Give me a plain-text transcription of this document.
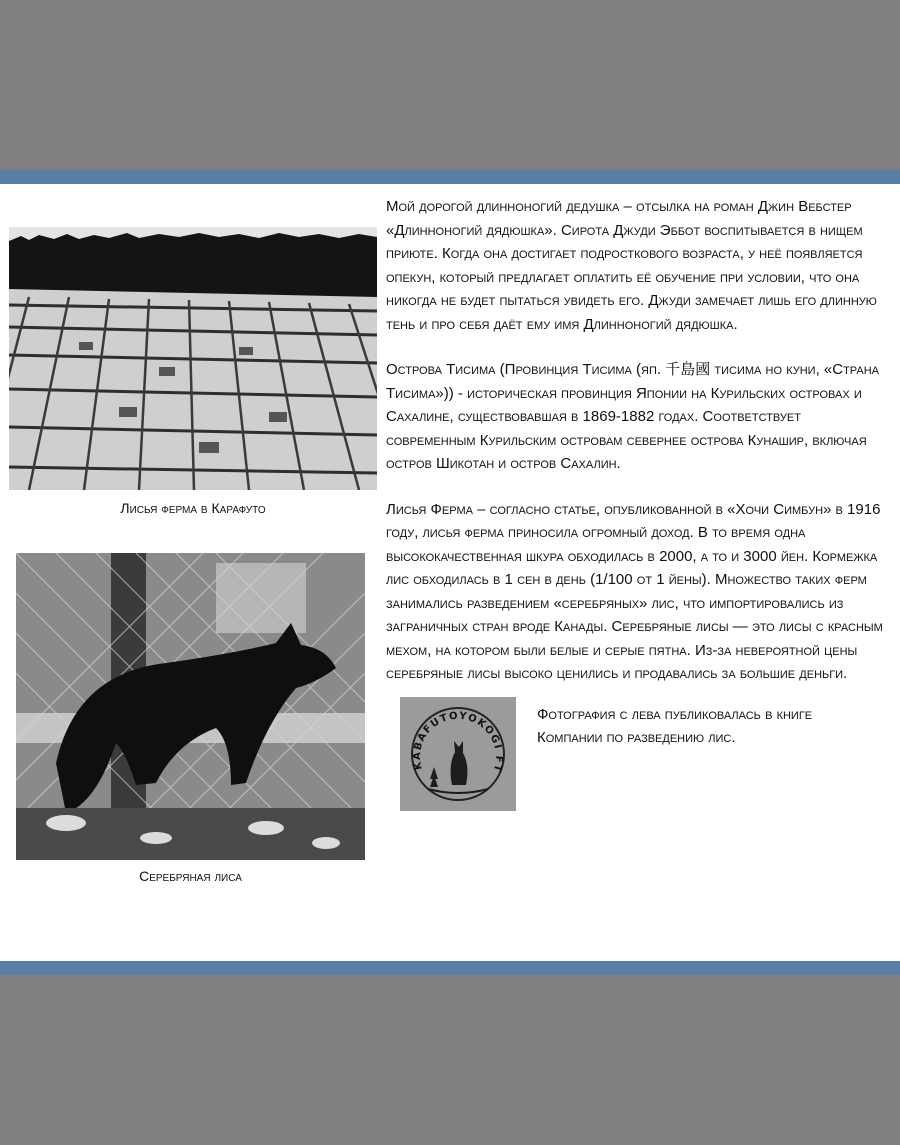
Лисья ферма в Карафуто
Серебряная лиса

Мой дорогой длинноногий дедушка – отсылка на роман Джин Вебстер «Длинноногий дядюшка». Сирота Джуди Эббот воспитывается в нищем приюте. Когда она достигает подросткового возраста, у неё появляется опекун, который предлагает оплатить её обучение при условии, что она никогда не будет пытаться увидеть его. Джуди замечает лишь его длинную тень и про себя даёт ему имя Длинноногий дядюшка.

Острова Тисима (Провинция Тисима (яп. 千島國 тисима но куни, «Страна Тисима»)) - историческая провинция Японии на Курильских островах и Сахалине, существовавшая в 1869-1882 годах. Соответствует современным Курильским островам севернее острова Кунашир, включая остров Шикотан и остров Сахалин.

Лисья Ферма – согласно статье, опубликованной в «Хочи Симбун» в 1916 году, лисья ферма приносила огромный доход. В то время одна высококачественная шкура обходилась в 2000, а то и 3000 йен. Кормежка лис обходилась в 1 сен в день (1/100 от 1 йены). Множество таких ферм занимались разведением «серебряных» лис, что импортировались из заграничных стран вроде Канады. Серебряные лисы — это лисы с красным мехом, на котором были белые и серые пятна. Из-за невероятной цены серебряные лисы высоко ценились и продавались за большие деньги.

KABAFUTOYOKOGI FT
Фотография с лева публиковалась в книге Компании по разведению лис.
